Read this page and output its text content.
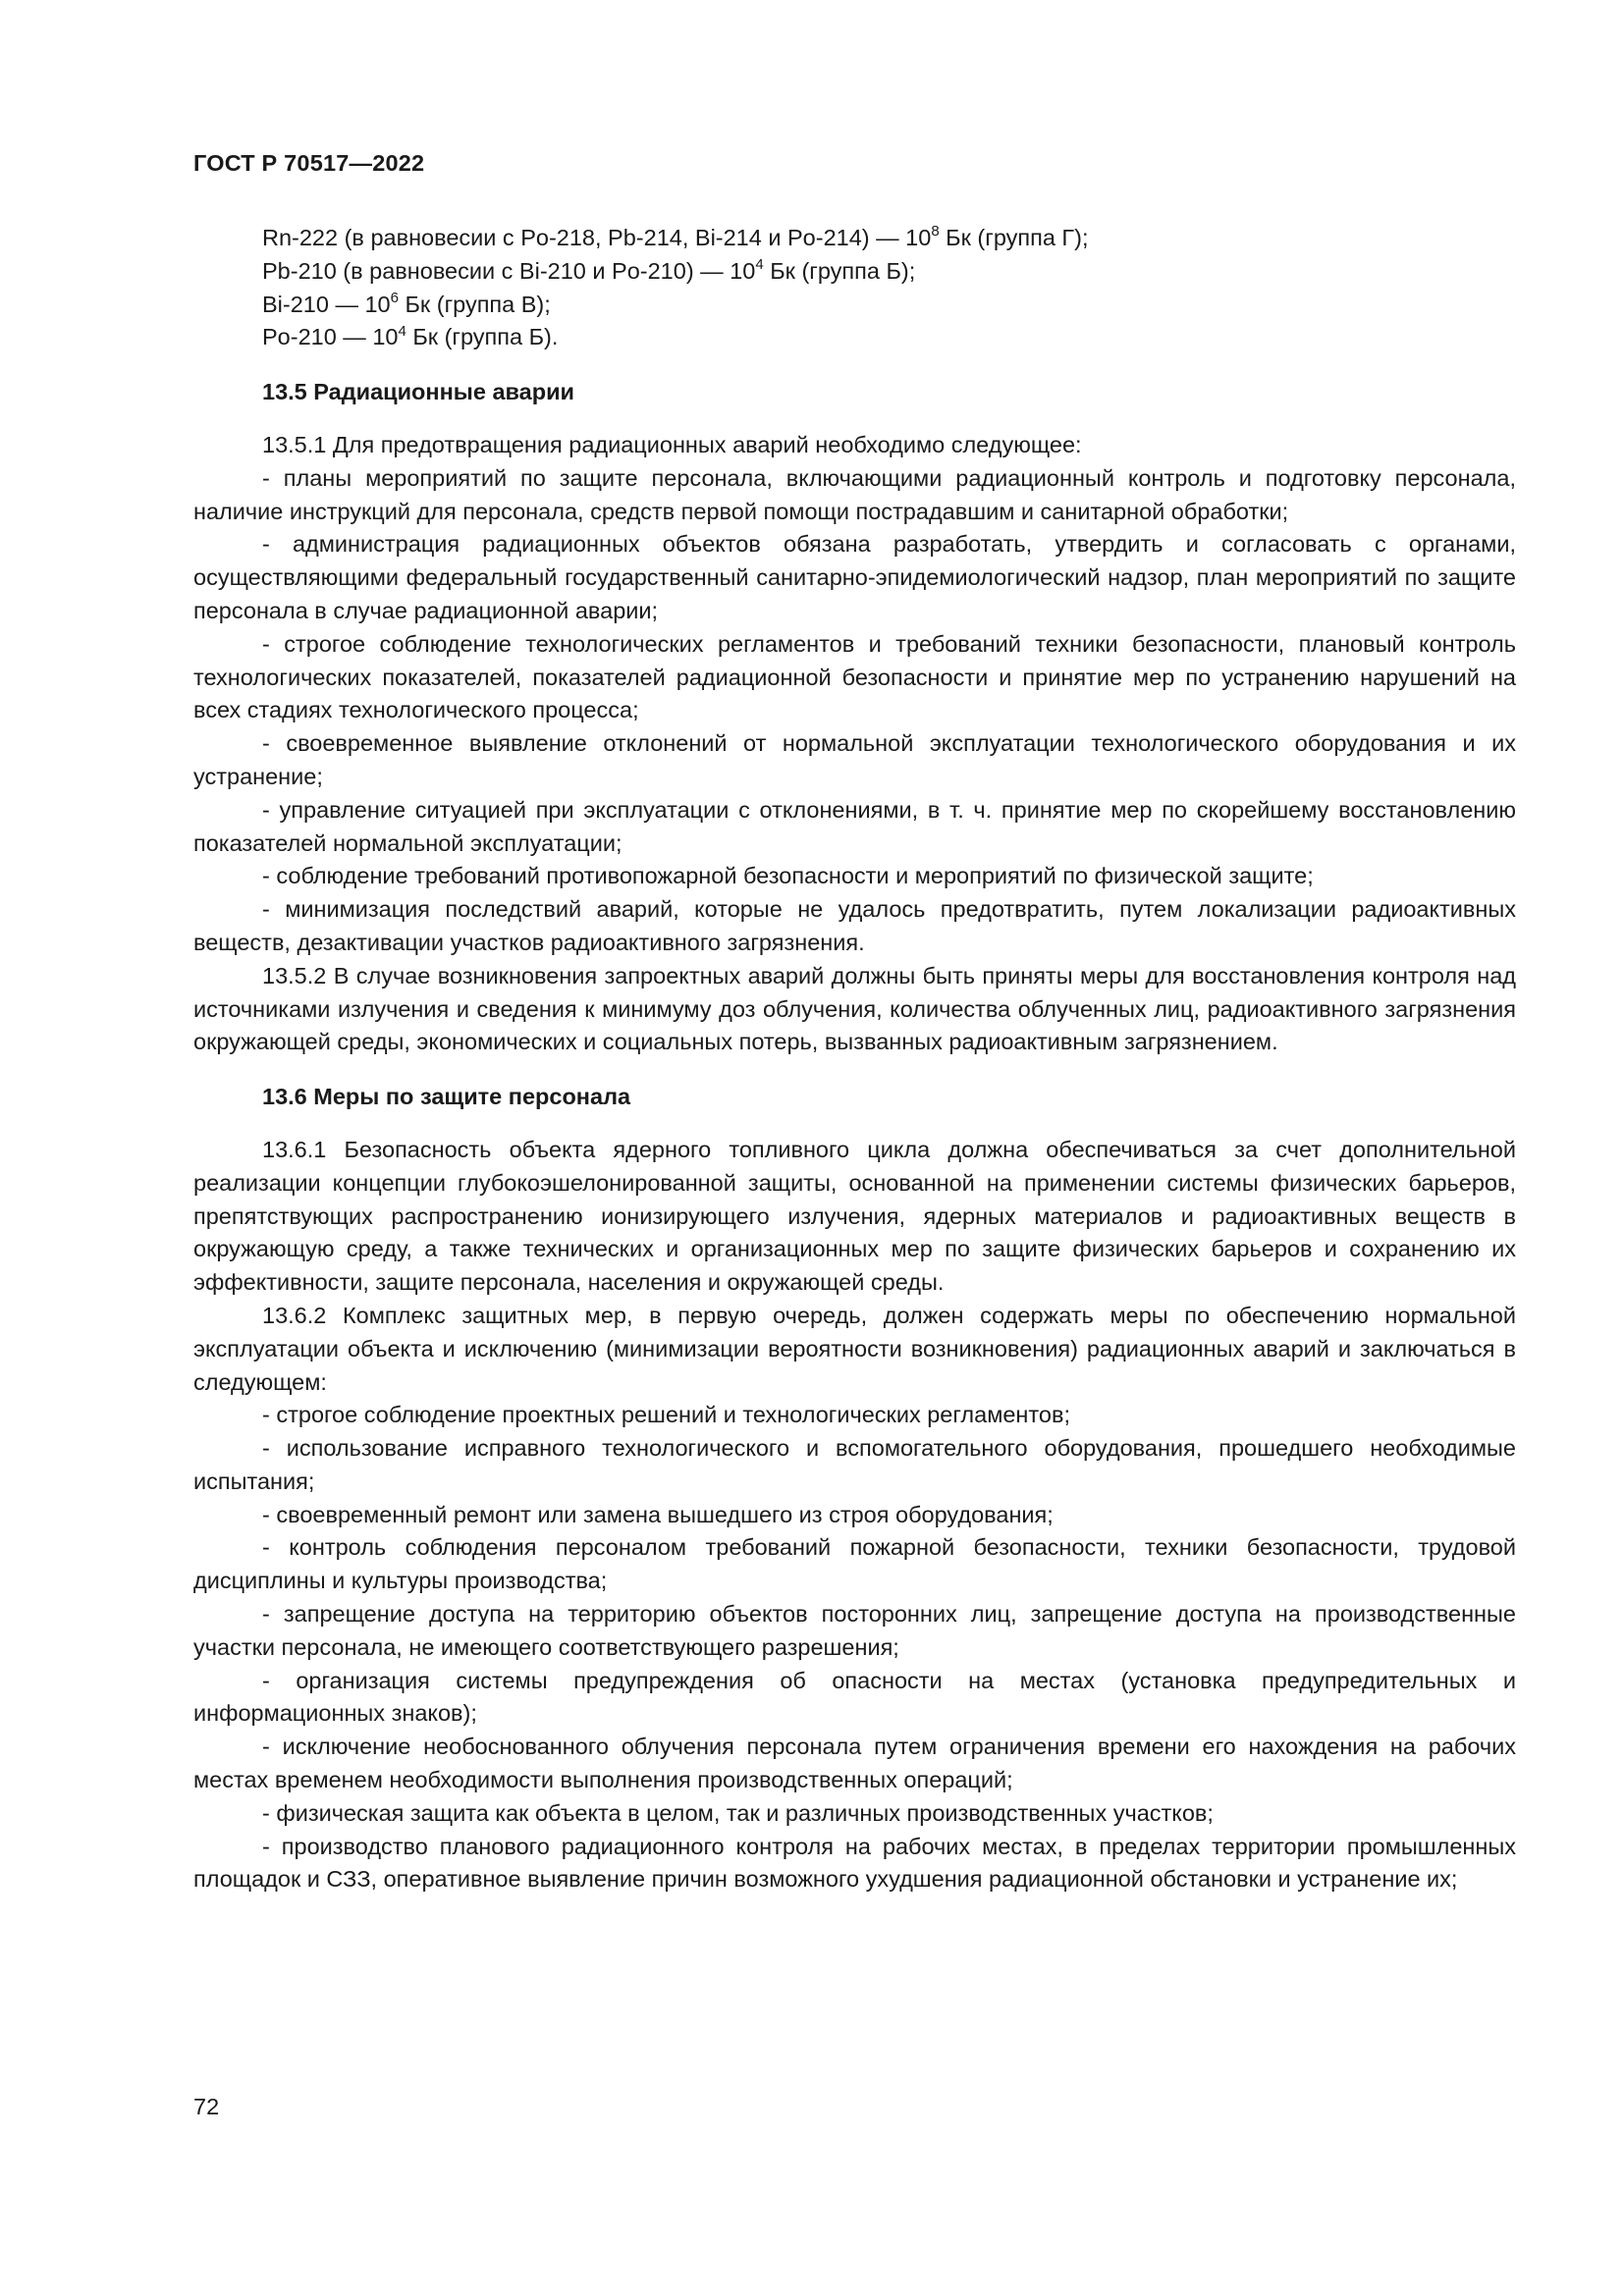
ГОСТ Р 70517—2022

Rn-222 (в равновесии с Po-218, Pb-214, Bi-214 и Po-214) — $10^8$ Бк (группа Г);

Pb-210 (в равновесии с Bi-210 и Po-210) — $10^4$ Бк (группа Б);

Bi-210 — $10^6$ Бк (группа В);

Po-210 — $10^4$ Бк (группа Б).

13.5 Радиационные аварии

13.5.1 Для предотвращения радиационных аварий необходимо следующее:

- планы мероприятий по защите персонала, включающими радиационный контроль и подготовку персонала, наличие инструкций для персонала, средств первой помощи пострадавшим и санитарной обработки;

- администрация радиационных объектов обязана разработать, утвердить и согласовать с органами, осуществляющими федеральный государственный санитарно-эпидемиологический надзор, план мероприятий по защите персонала в случае радиационной аварии;

- строгое соблюдение технологических регламентов и требований техники безопасности, плановый контроль технологических показателей, показателей радиационной безопасности и принятие мер по устранению нарушений на всех стадиях технологического процесса;

- своевременное выявление отклонений от нормальной эксплуатации технологического оборудования и их устранение;

- управление ситуацией при эксплуатации с отклонениями, в т. ч. принятие мер по скорейшему восстановлению показателей нормальной эксплуатации;

- соблюдение требований противопожарной безопасности и мероприятий по физической защите;

- минимизация последствий аварий, которые не удалось предотвратить, путем локализации радиоактивных веществ, дезактивации участков радиоактивного загрязнения.

13.5.2 В случае возникновения запроектных аварий должны быть приняты меры для восстановления контроля над источниками излучения и сведения к минимуму доз облучения, количества облученных лиц, радиоактивного загрязнения окружающей среды, экономических и социальных потерь, вызванных радиоактивным загрязнением.

13.6 Меры по защите персонала

13.6.1 Безопасность объекта ядерного топливного цикла должна обеспечиваться за счет дополнительной реализации концепции глубокоэшелонированной защиты, основанной на применении системы физических барьеров, препятствующих распространению ионизирующего излучения, ядерных материалов и радиоактивных веществ в окружающую среду, а также технических и организационных мер по защите физических барьеров и сохранению их эффективности, защите персонала, населения и окружающей среды.

13.6.2 Комплекс защитных мер, в первую очередь, должен содержать меры по обеспечению нормальной эксплуатации объекта и исключению (минимизации вероятности возникновения) радиационных аварий и заключаться в следующем:

- строгое соблюдение проектных решений и технологических регламентов;

- использование исправного технологического и вспомогательного оборудования, прошедшего необходимые испытания;

- своевременный ремонт или замена вышедшего из строя оборудования;

- контроль соблюдения персоналом требований пожарной безопасности, техники безопасности, трудовой дисциплины и культуры производства;

- запрещение доступа на территорию объектов посторонних лиц, запрещение доступа на производственные участки персонала, не имеющего соответствующего разрешения;

- организация системы предупреждения об опасности на местах (установка предупредительных и информационных знаков);

- исключение необоснованного облучения персонала путем ограничения времени его нахождения на рабочих местах временем необходимости выполнения производственных операций;

- физическая защита как объекта в целом, так и различных производственных участков;

- производство планового радиационного контроля на рабочих местах, в пределах территории промышленных площадок и СЗЗ, оперативное выявление причин возможного ухудшения радиационной обстановки и устранение их;

72
